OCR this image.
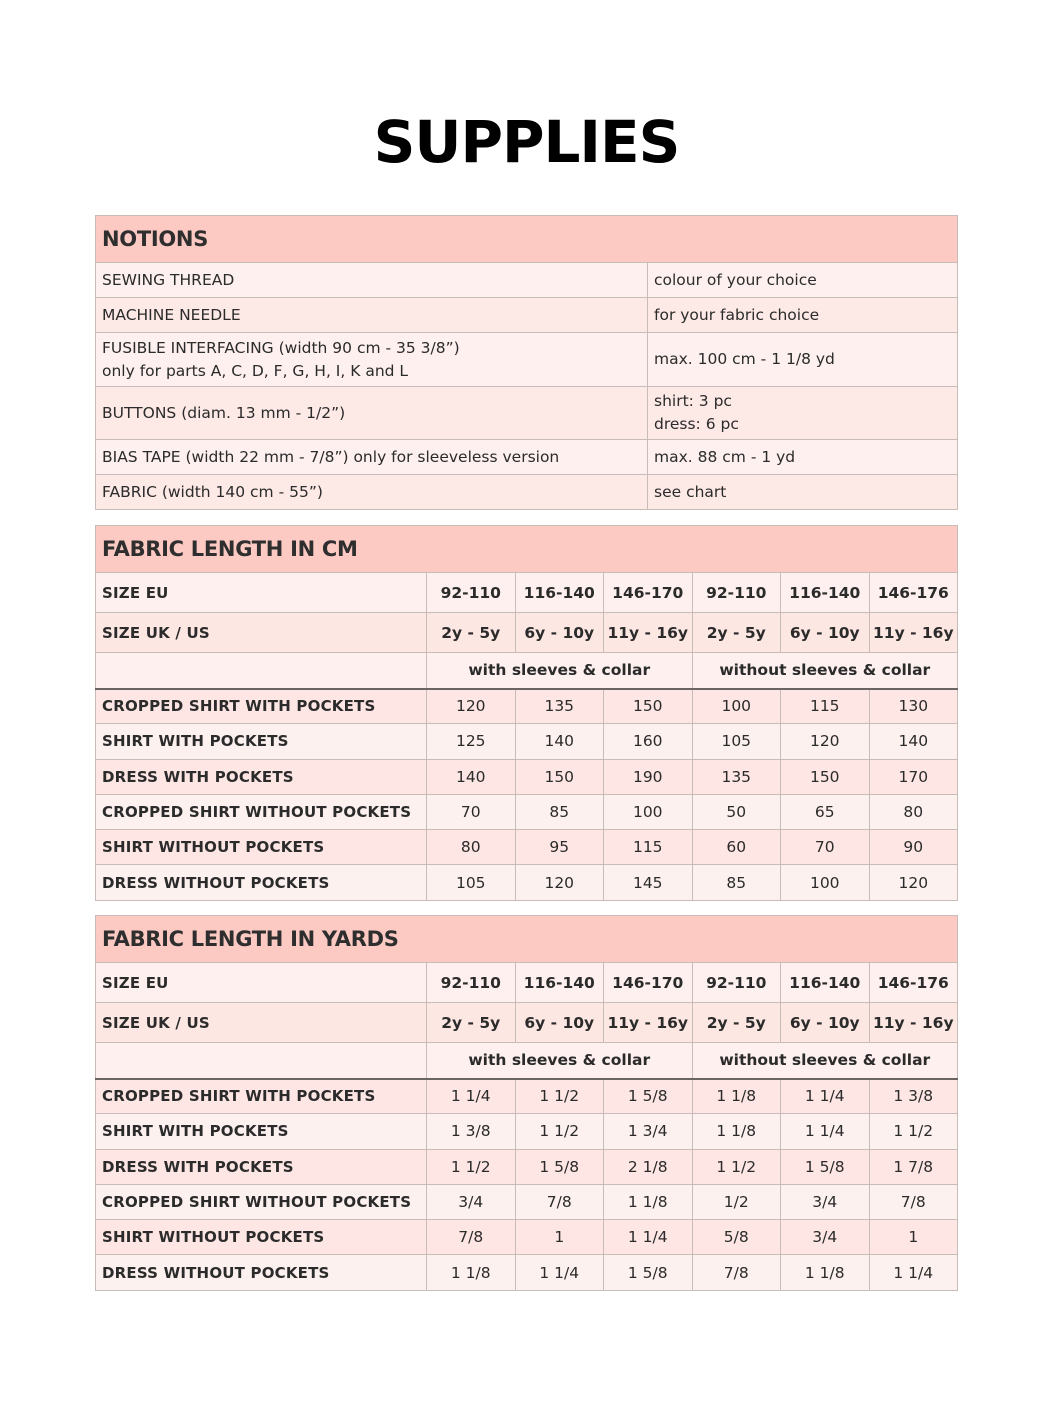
SUPPLIES
NOTIONS	
SEWING THREAD	colour of your choice
MACHINE NEEDLE	for your fabric choice

FUSIBLE INTERFACING (width 90 cm - 35 3/8”)
only for parts A, C, D, F, G, H, I, K and L	max. 100 cm - 1 1/8 yd
BUTTONS (diam. 13 mm - 1/2”)	shirt: 3 pc
dress: 6 pc

BIAS TAPE (width 22 mm - 7/8”) only for sleeveless version	max. 88 cm - 1 yd
FABRIC (width 140 cm - 55”)	see chart
FABRIC LENGTH IN CM						
SIZE EU	92-110	116-140	146-170	92-110	116-140	146-176
SIZE UK / US	2y - 5y	6y - 10y	11y - 16y	2y - 5y	6y - 10y	11y - 16y
	with sleeves & collar			without sleeves & collar		
CROPPED SHIRT WITH POCKETS	120	135	150	100	115	130
SHIRT WITH POCKETS	125	140	160	105	120	140
DRESS WITH POCKETS	140	150	190	135	150	170
CROPPED SHIRT WITHOUT POCKETS	70	85	100	50	65	80
SHIRT WITHOUT POCKETS	80	95	115	60	70	90
DRESS WITHOUT POCKETS	105	120	145	85	100	120
FABRIC LENGTH IN YARDS						
SIZE EU	92-110	116-140	146-170	92-110	116-140	146-176
SIZE UK / US	2y - 5y	6y - 10y	11y - 16y	2y - 5y	6y - 10y	11y - 16y
	with sleeves & collar			without sleeves & collar		
CROPPED SHIRT WITH POCKETS	1 1/4	1 1/2	1 5/8	1 1/8	1 1/4	1 3/8
SHIRT WITH POCKETS	1 3/8	1 1/2	1 3/4	1 1/8	1 1/4	1 1/2
DRESS WITH POCKETS	1 1/2	1 5/8	2 1/8	1 1/2	1 5/8	1 7/8
CROPPED SHIRT WITHOUT POCKETS	3/4	7/8	1 1/8	1/2	3/4	7/8
SHIRT WITHOUT POCKETS	7/8	1	1 1/4	5/8	3/4	1
DRESS WITHOUT POCKETS	1 1/8	1 1/4	1 5/8	7/8	1 1/8	1 1/4
